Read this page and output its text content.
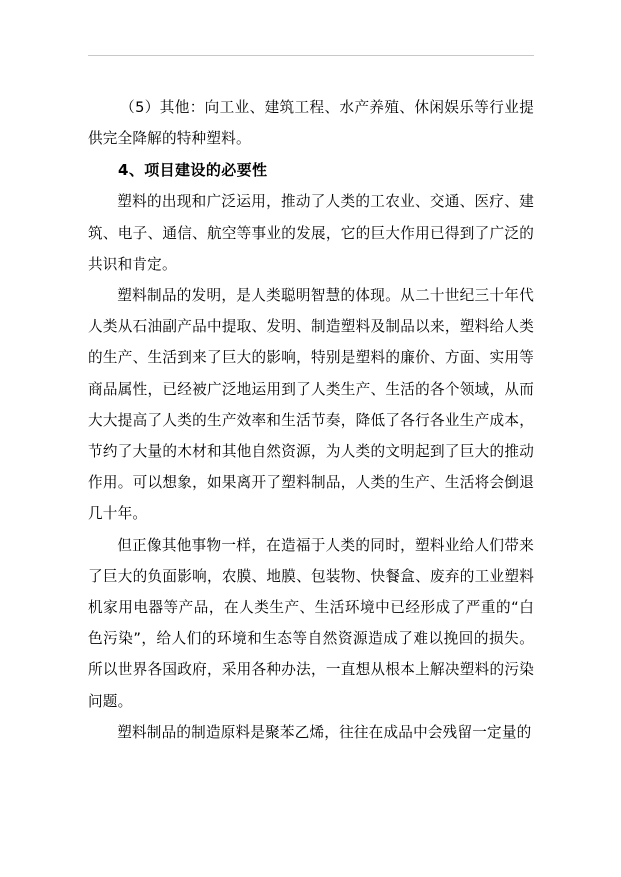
（5）其他：向工业、建筑工程、水产养殖、休闲娱乐等行业提供完全降解的特种塑料。

4、项目建设的必要性

塑料的出现和广泛运用，推动了人类的工农业、交通、医疗、建筑、电子、通信、航空等事业的发展，它的巨大作用已得到了广泛的共识和肯定。

塑料制品的发明，是人类聪明智慧的体现。从二十世纪三十年代人类从石油副产品中提取、发明、制造塑料及制品以来，塑料给人类的生产、生活到来了巨大的影响，特别是塑料的廉价、方面、实用等商品属性，已经被广泛地运用到了人类生产、生活的各个领域，从而大大提高了人类的生产效率和生活节奏，降低了各行各业生产成本，节约了大量的木材和其他自然资源，为人类的文明起到了巨大的推动作用。可以想象，如果离开了塑料制品，人类的生产、生活将会倒退几十年。

但正像其他事物一样，在造福于人类的同时，塑料业给人们带来了巨大的负面影响，农膜、地膜、包装物、快餐盒、废弃的工业塑料机家用电器等产品，在人类生产、生活环境中已经形成了严重的“白色污染”，给人们的环境和生态等自然资源造成了难以挽回的损失。所以世界各国政府，采用各种办法，一直想从根本上解决塑料的污染问题。

塑料制品的制造原料是聚苯乙烯，往往在成品中会残留一定量的
